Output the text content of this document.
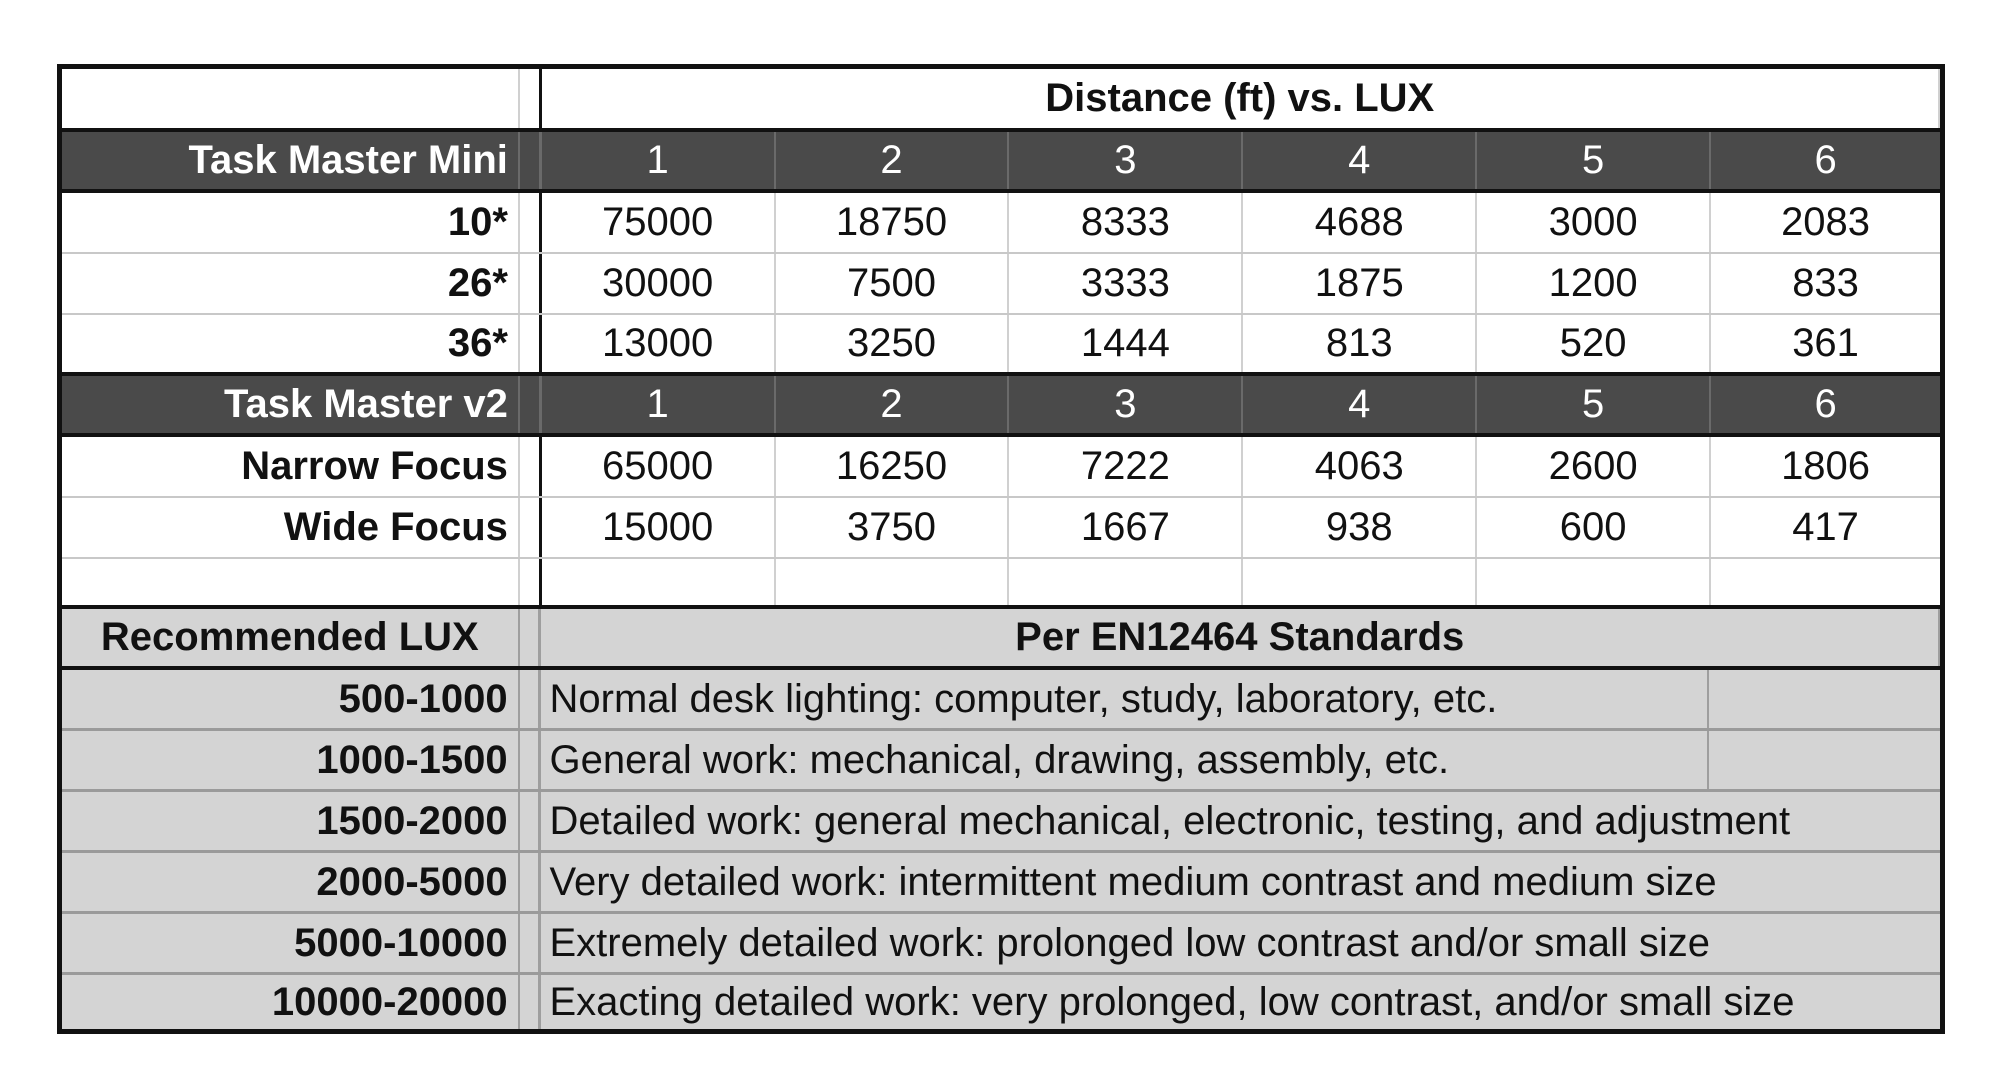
Distance (ft) vs. LUX
Task Master Mini	1	2	3	4	5	6
10*	75000	18750	8333	4688	3000	2083
26*	30000	7500	3333	1875	1200	833
36*	13000	3250	1444	813	520	361
Task Master v2	1	2	3	4	5	6
Narrow Focus	65000	16250	7222	4063	2600	1806
Wide Focus	15000	3750	1667	938	600	417
Recommended LUX	Per EN12464 Standards
500-1000	Normal desk lighting: computer, study, laboratory, etc.
1000-1500	General work: mechanical, drawing, assembly, etc.
1500-2000	Detailed work: general mechanical, electronic, testing, and adjustment
2000-5000	Very detailed work: intermittent medium contrast and medium size
5000-10000	Extremely detailed work: prolonged low contrast and/or small size
10000-20000	Exacting detailed work: very prolonged, low contrast, and/or small size
